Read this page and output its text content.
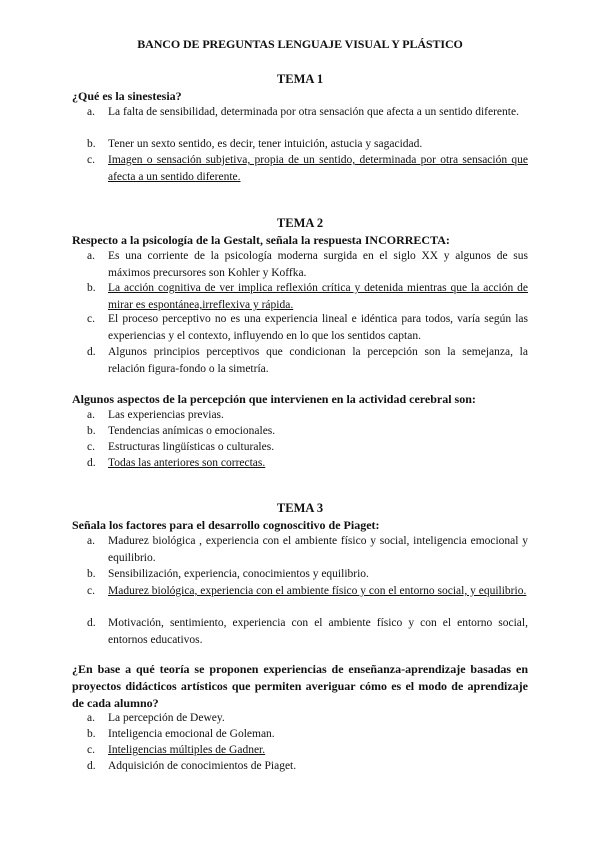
BANCO DE PREGUNTAS LENGUAJE VISUAL Y PLÁSTICO
TEMA 1
¿Qué es la sinestesia?
a.	La falta de sensibilidad, determinada por otra sensación que afecta a un sentido diferente.
b.	Tener un sexto sentido, es decir, tener intuición, astucia y sagacidad.
c.	Imagen o sensación subjetiva, propia de un sentido, determinada por otra sensación que afecta a un sentido diferente.
TEMA 2
Respecto a la psicología de la Gestalt, señala la respuesta INCORRECTA:
a.	Es una corriente de la psicología moderna surgida en el siglo XX y algunos de sus máximos precursores son Kohler y Koffka.
b.	La acción cognitiva de ver implica reflexión crítica y detenida mientras que la acción de mirar es espontánea,irreflexiva y rápida.
c.	El proceso perceptivo no es una experiencia lineal e idéntica para todos, varía según las experiencias y el contexto, influyendo en lo que los sentidos captan.
d.	Algunos principios perceptivos que condicionan la percepción son la semejanza, la relación figura-fondo o la simetría.
Algunos aspectos de la percepción que intervienen en la actividad cerebral son:
a.	Las experiencias previas.
b.	Tendencias anímicas o emocionales.
c.	Estructuras lingüísticas o culturales.
d.	Todas las anteriores son correctas.
TEMA 3
Señala los factores para el desarrollo cognoscitivo de Piaget:
a.	Madurez biológica , experiencia con el ambiente físico y social, inteligencia emocional y equilibrio.
b.	Sensibilización, experiencia, conocimientos y equilibrio.
c.	Madurez biológica, experiencia con el ambiente físico y con el entorno social, y equilibrio.
d.	Motivación, sentimiento, experiencia con el ambiente físico y con el entorno social, entornos educativos.
¿En base a qué teoría se proponen experiencias de enseñanza-aprendizaje basadas en proyectos didácticos artísticos que permiten averiguar cómo es el modo de aprendizaje de cada alumno?
a.	La percepción de Dewey.
b.	Inteligencia emocional de Goleman.
c.	Inteligencias múltiples de Gadner.
d.	Adquisición de conocimientos de Piaget.
